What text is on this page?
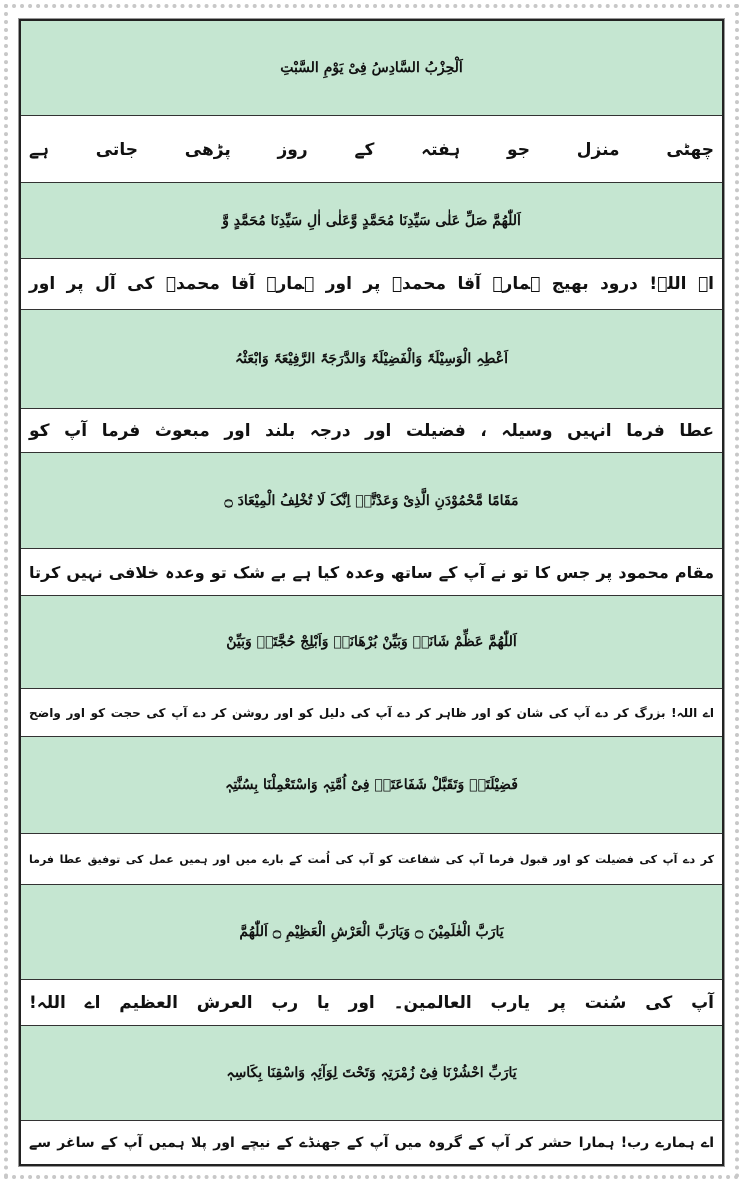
اَلْحِزْبُ السَّادِسُ فِیْ یَوْمِ السَّبْتِ
چھٹی منزل جو ہفتہ کے روز پڑھی جاتی ہے
اَللّٰھُمَّ صَلِّ عَلٰی سَیِّدِنَا مُحَمَّدٍ وَّعَلٰی اٰلِ سَیِّدِنَا مُحَمَّدٍ وَّ
اے اللہ! درود بھیج ہمارے آقا محمدؐ پر اور ہمارے آقا محمدؐ کی آل پر اور
اَعْطِہِ الْوَسِیْلَۃَ وَالْفَضِیْلَۃَ وَالدَّرَجَۃَ الرَّفِیْعَۃَ وَابْعَثْہُ
عطا فرما انہیں وسیلہ ، فضیلت اور درجہ بلند اور مبعوث فرما آپ کو
مَقَامًا مَّحْمُوْدَنِ الَّذِیْ وَعَدْتَّہٗ اِنَّکَ لَا تُخْلِفُ الْمِیْعَادَ ۝
مقام محمود پر جس کا تو نے آپ کے ساتھ وعدہ کیا ہے بے شک تو وعدہ خلافی نہیں کرتا
اَللّٰھُمَّ عَظِّمْ شَانَہٗ وَبَیِّنْ بُرْھَانَہٗ وَاَبْلِجْ حُجَّتَہٗ وَبَیِّنْ
اے اللہ! بزرگ کر دے آپ کی شان کو اور ظاہر کر دے آپ کی دلیل کو اور روشن کر دے آپ کی حجت کو اور واضح
فَضِیْلَتَہٗ وَتَقَبَّلْ شَفَاعَتَہٗ فِیْ اُمَّتِہٖ وَاسْتَعْمِلْنَا بِسُنَّتِہٖ
کر دے آپ کی فضیلت کو اور قبول فرما آپ کی شفاعت کو آپ کی اُمت کے بارے میں اور ہمیں عمل کی توفیق عطا فرما
یَارَبَّ الْعٰلَمِیْنَ ۝ وَیَارَبَّ الْعَرْشِ الْعَظِیْمِ ۝ اَللّٰھُمَّ
آپ کی سُنت پر یارب العالمین۔ اور یا رب العرش العظیم اے اللہ!
یَارَبِّ احْشُرْنَا فِیْ زُمْرَتِہٖ وَتَحْتَ لِوَآئِہٖ وَاسْقِنَا بِکَاسِہٖ
اے ہمارے رب! ہمارا حشر کر آپ کے گروہ میں آپ کے جھنڈے کے نیچے اور پلا ہمیں آپ کے ساغر سے
